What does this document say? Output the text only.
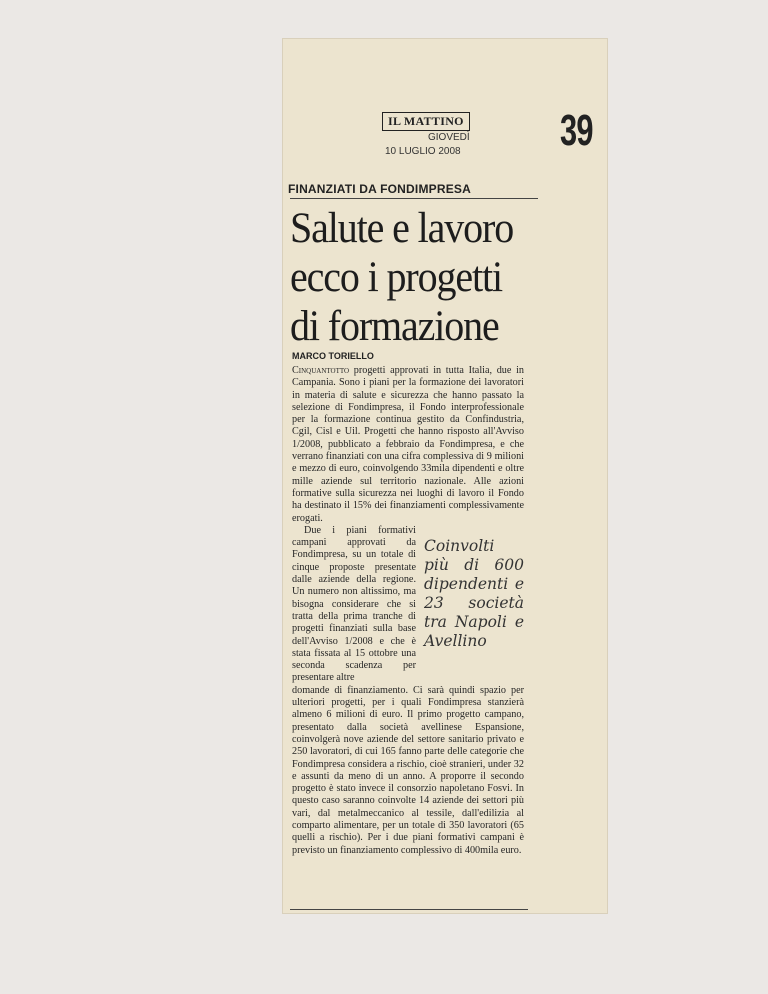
IL MATTINO
GIOVEDÌ
10 LUGLIO 2008 39
FINANZIATI DA FONDIMPRESA
Salute e lavoro
ecco i progetti
di formazione
MARCO TORIELLO

Cinquantotto progetti approvati in tutta Italia, due in Campania. Sono i piani per la formazione dei lavoratori in materia di salute e sicurezza che hanno passato la selezione di Fondimpresa, il Fondo interprofessionale per la formazione continua gestito da Confindustria, Cgil, Cisl e Uil. Progetti che hanno risposto all'Avviso 1/2008, pubblicato a febbraio da Fondimpresa, e che verrano finanziati con una cifra complessiva di 9 milioni e mezzo di euro, coinvolgendo 33mila dipendenti e oltre mille aziende sul territorio nazionale. Alle azioni formative sulla sicurezza nei luoghi di lavoro il Fondo ha destinato il 15% dei finanziamenti complessivamente erogati.

Due i piani formativi campani approvati da Fondimpresa, su un totale di cinque proposte presentate dalle aziende della regione. Un numero non altissimo, ma bisogna considerare che si tratta della prima tranche di progetti finanziati sulla base dell'Avviso 1/2008 e che è stata fissata al 15 ottobre una seconda scadenza per presentare altre

Coinvolti più di 600 dipendenti e 23 società tra Napoli e Avellino

domande di finanziamento. Ci sarà quindi spazio per ulteriori progetti, per i quali Fondimpresa stanzierà almeno 6 milioni di euro. Il primo progetto campano, presentato dalla società avellinese Espansione, coinvolgerà nove aziende del settore sanitario privato e 250 lavoratori, di cui 165 fanno parte delle categorie che Fondimpresa considera a rischio, cioè stranieri, under 32 e assunti da meno di un anno. A proporre il secondo progetto è stato invece il consorzio napoletano Fosvi. In questo caso saranno coinvolte 14 aziende dei settori più vari, dal metalmeccanico al tessile, dall'edilizia al comparto alimentare, per un totale di 350 lavoratori (65 quelli a rischio). Per i due piani formativi campani è previsto un finanziamento complessivo di 400mila euro.
